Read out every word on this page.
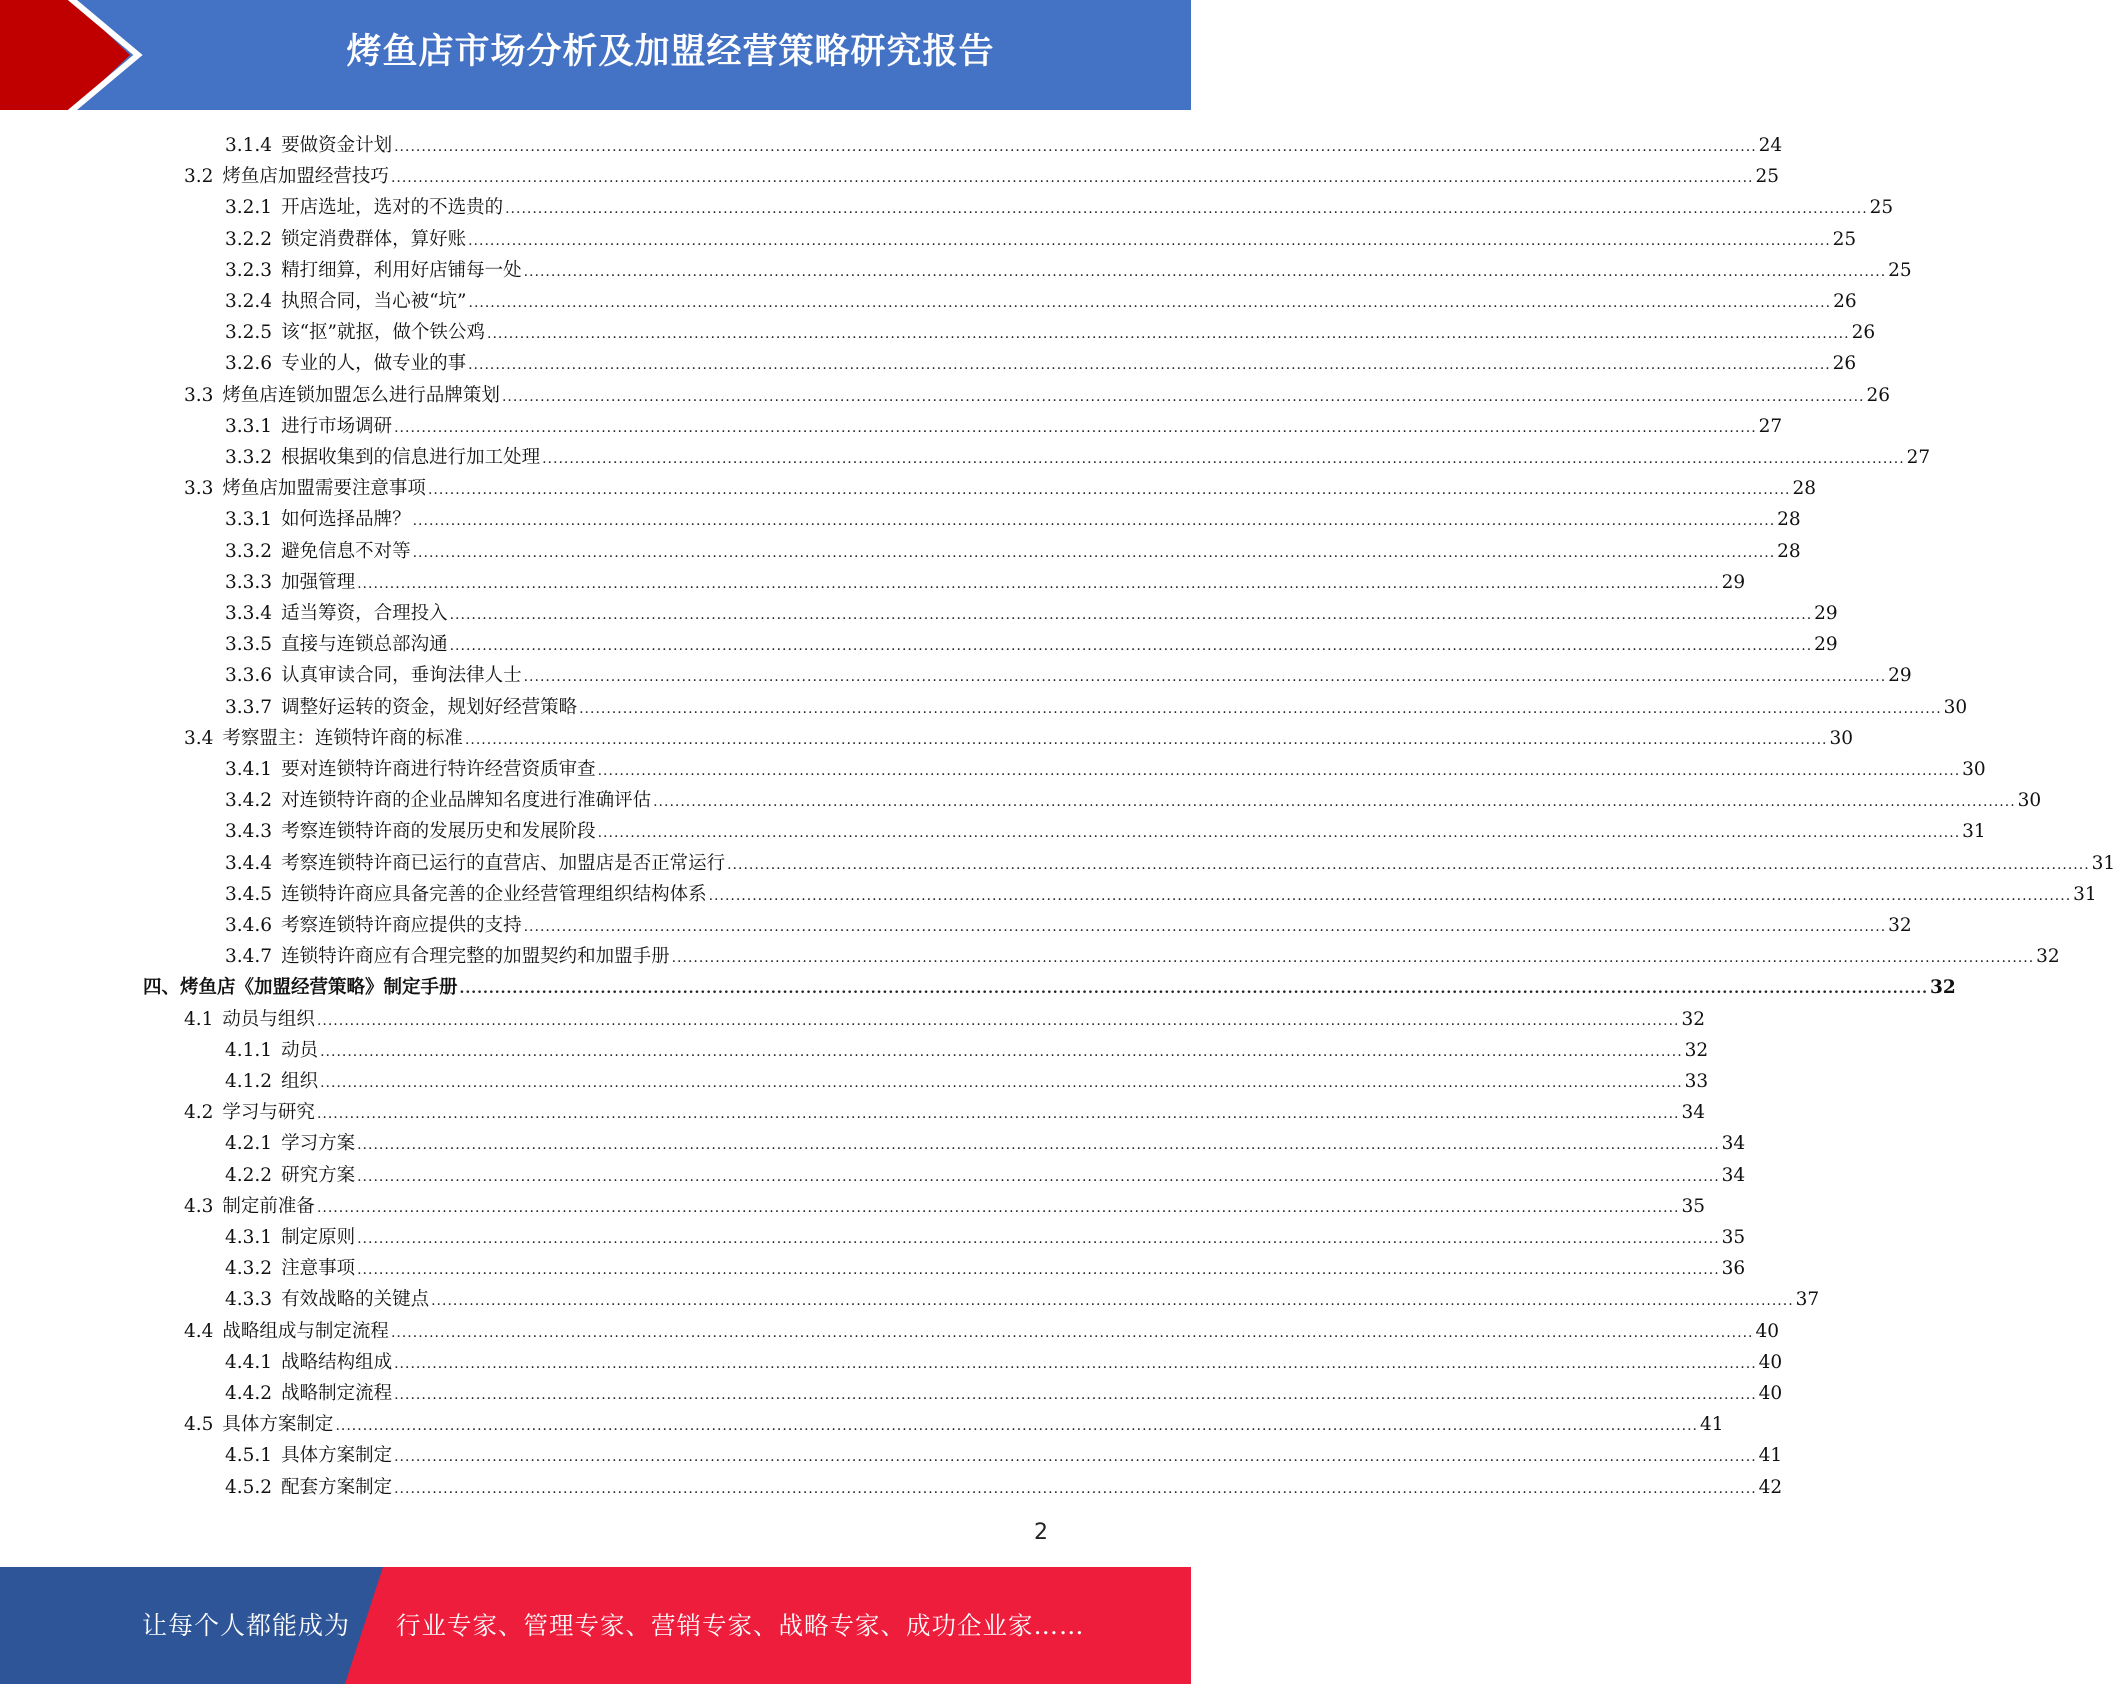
烤鱼店市场分析及加盟经营策略研究报告
3.1.4 要做资金计划 .......................................................................................................................................................................................................................................................... 24
3.2 烤鱼店加盟经营技巧 .......................................................................................................................................................................................................................................................... 25
3.2.1 开店选址，选对的不选贵的 .......................................................................................................................................................................................................................................................... 25
3.2.2 锁定消费群体，算好账 .......................................................................................................................................................................................................................................................... 25
3.2.3 精打细算，利用好店铺每一处 .......................................................................................................................................................................................................................................................... 25
3.2.4 执照合同，当心被“坑” .......................................................................................................................................................................................................................................................... 26
3.2.5 该“抠”就抠，做个铁公鸡 .......................................................................................................................................................................................................................................................... 26
3.2.6 专业的人，做专业的事 .......................................................................................................................................................................................................................................................... 26
3.3 烤鱼店连锁加盟怎么进行品牌策划 .......................................................................................................................................................................................................................................................... 26
3.3.1 进行市场调研 .......................................................................................................................................................................................................................................................... 27
3.3.2 根据收集到的信息进行加工处理 .......................................................................................................................................................................................................................................................... 27
3.3 烤鱼店加盟需要注意事项 .......................................................................................................................................................................................................................................................... 28
3.3.1 如何选择品牌？ .......................................................................................................................................................................................................................................................... 28
3.3.2 避免信息不对等 .......................................................................................................................................................................................................................................................... 28
3.3.3 加强管理 .......................................................................................................................................................................................................................................................... 29
3.3.4 适当筹资，合理投入 .......................................................................................................................................................................................................................................................... 29
3.3.5 直接与连锁总部沟通 .......................................................................................................................................................................................................................................................... 29
3.3.6 认真审读合同，垂询法律人士 .......................................................................................................................................................................................................................................................... 29
3.3.7 调整好运转的资金，规划好经营策略 .......................................................................................................................................................................................................................................................... 30
3.4 考察盟主：连锁特许商的标准 .......................................................................................................................................................................................................................................................... 30
3.4.1 要对连锁特许商进行特许经营资质审查 .......................................................................................................................................................................................................................................................... 30
3.4.2 对连锁特许商的企业品牌知名度进行准确评估 .......................................................................................................................................................................................................................................................... 30
3.4.3 考察连锁特许商的发展历史和发展阶段 .......................................................................................................................................................................................................................................................... 31
3.4.4 考察连锁特许商已运行的直营店、加盟店是否正常运行 .......................................................................................................................................................................................................................................................... 31
3.4.5 连锁特许商应具备完善的企业经营管理组织结构体系 .......................................................................................................................................................................................................................................................... 31
3.4.6 考察连锁特许商应提供的支持 .......................................................................................................................................................................................................................................................... 32
3.4.7 连锁特许商应有合理完整的加盟契约和加盟手册 .......................................................................................................................................................................................................................................................... 32
四、烤鱼店《加盟经营策略》制定手册 .......................................................................................................................................................................................................................................................... 32
4.1 动员与组织 .......................................................................................................................................................................................................................................................... 32
4.1.1 动员 .......................................................................................................................................................................................................................................................... 32
4.1.2 组织 .......................................................................................................................................................................................................................................................... 33
4.2 学习与研究 .......................................................................................................................................................................................................................................................... 34
4.2.1 学习方案 .......................................................................................................................................................................................................................................................... 34
4.2.2 研究方案 .......................................................................................................................................................................................................................................................... 34
4.3 制定前准备 .......................................................................................................................................................................................................................................................... 35
4.3.1 制定原则 .......................................................................................................................................................................................................................................................... 35
4.3.2 注意事项 .......................................................................................................................................................................................................................................................... 36
4.3.3 有效战略的关键点 .......................................................................................................................................................................................................................................................... 37
4.4 战略组成与制定流程 .......................................................................................................................................................................................................................................................... 40
4.4.1 战略结构组成 .......................................................................................................................................................................................................................................................... 40
4.4.2 战略制定流程 .......................................................................................................................................................................................................................................................... 40
4.5 具体方案制定 .......................................................................................................................................................................................................................................................... 41
4.5.1 具体方案制定 .......................................................................................................................................................................................................................................................... 41
4.5.2 配套方案制定 .......................................................................................................................................................................................................................................................... 42
2
让每个人都能成为 行业专家、管理专家、营销专家、战略专家、成功企业家……
